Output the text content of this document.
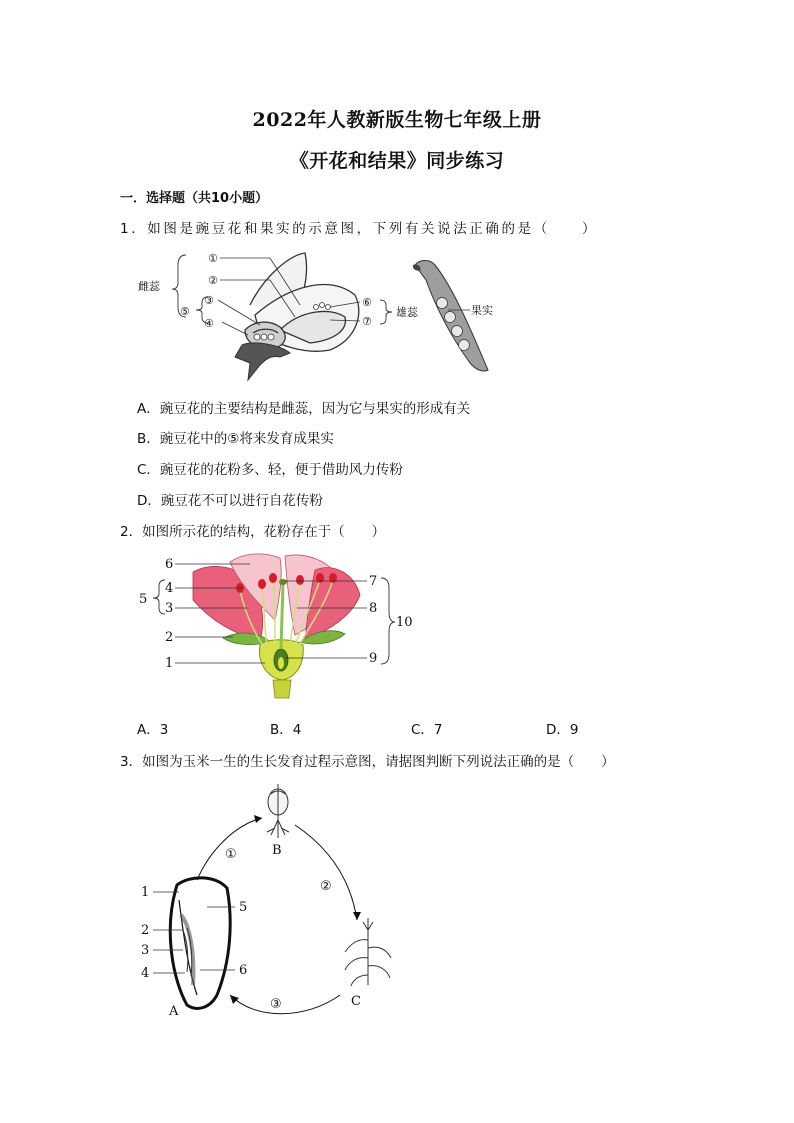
2022年人教新版生物七年级上册
《开花和结果》同步练习
一．选择题（共10小题）
1．如图是豌豆花和果实的示意图，下列有关说法正确的是（　　）
雌蕊
雄蕊
①
②
③
⑤
④
⑥
⑦
果实
A．豌豆花的主要结构是雌蕊，因为它与果实的形成有关
B．豌豆花中的⑤将来发育成果实
C．豌豆花的花粉多、轻，便于借助风力传粉
D．豌豆花不可以进行自花传粉
2．如图所示花的结构，花粉存在于（　　）
6
4
5
3
2
1
7
8
10
9
A．3	B．4	C．7	D．9
3．如图为玉米一生的生长发育过程示意图，请据图判断下列说法正确的是（　　）
1
2
3
4
5
6
A
B
C
①
②
③
